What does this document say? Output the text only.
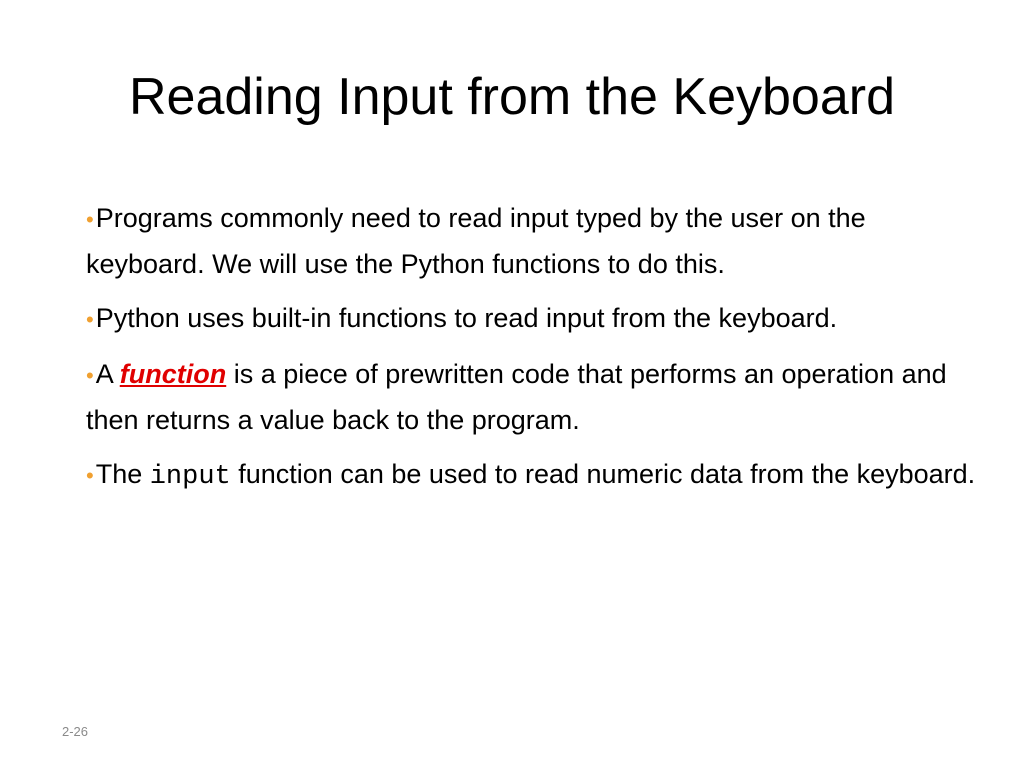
Reading Input from the Keyboard
•Programs commonly need to read input typed by the user on the keyboard. We will use the Python functions to do this.
•Python uses built-in functions to read input from the keyboard.
•A function is a piece of prewritten code that performs an operation and then returns a value back to the program.
•The input function can be used to read numeric data from the keyboard.
2-26
